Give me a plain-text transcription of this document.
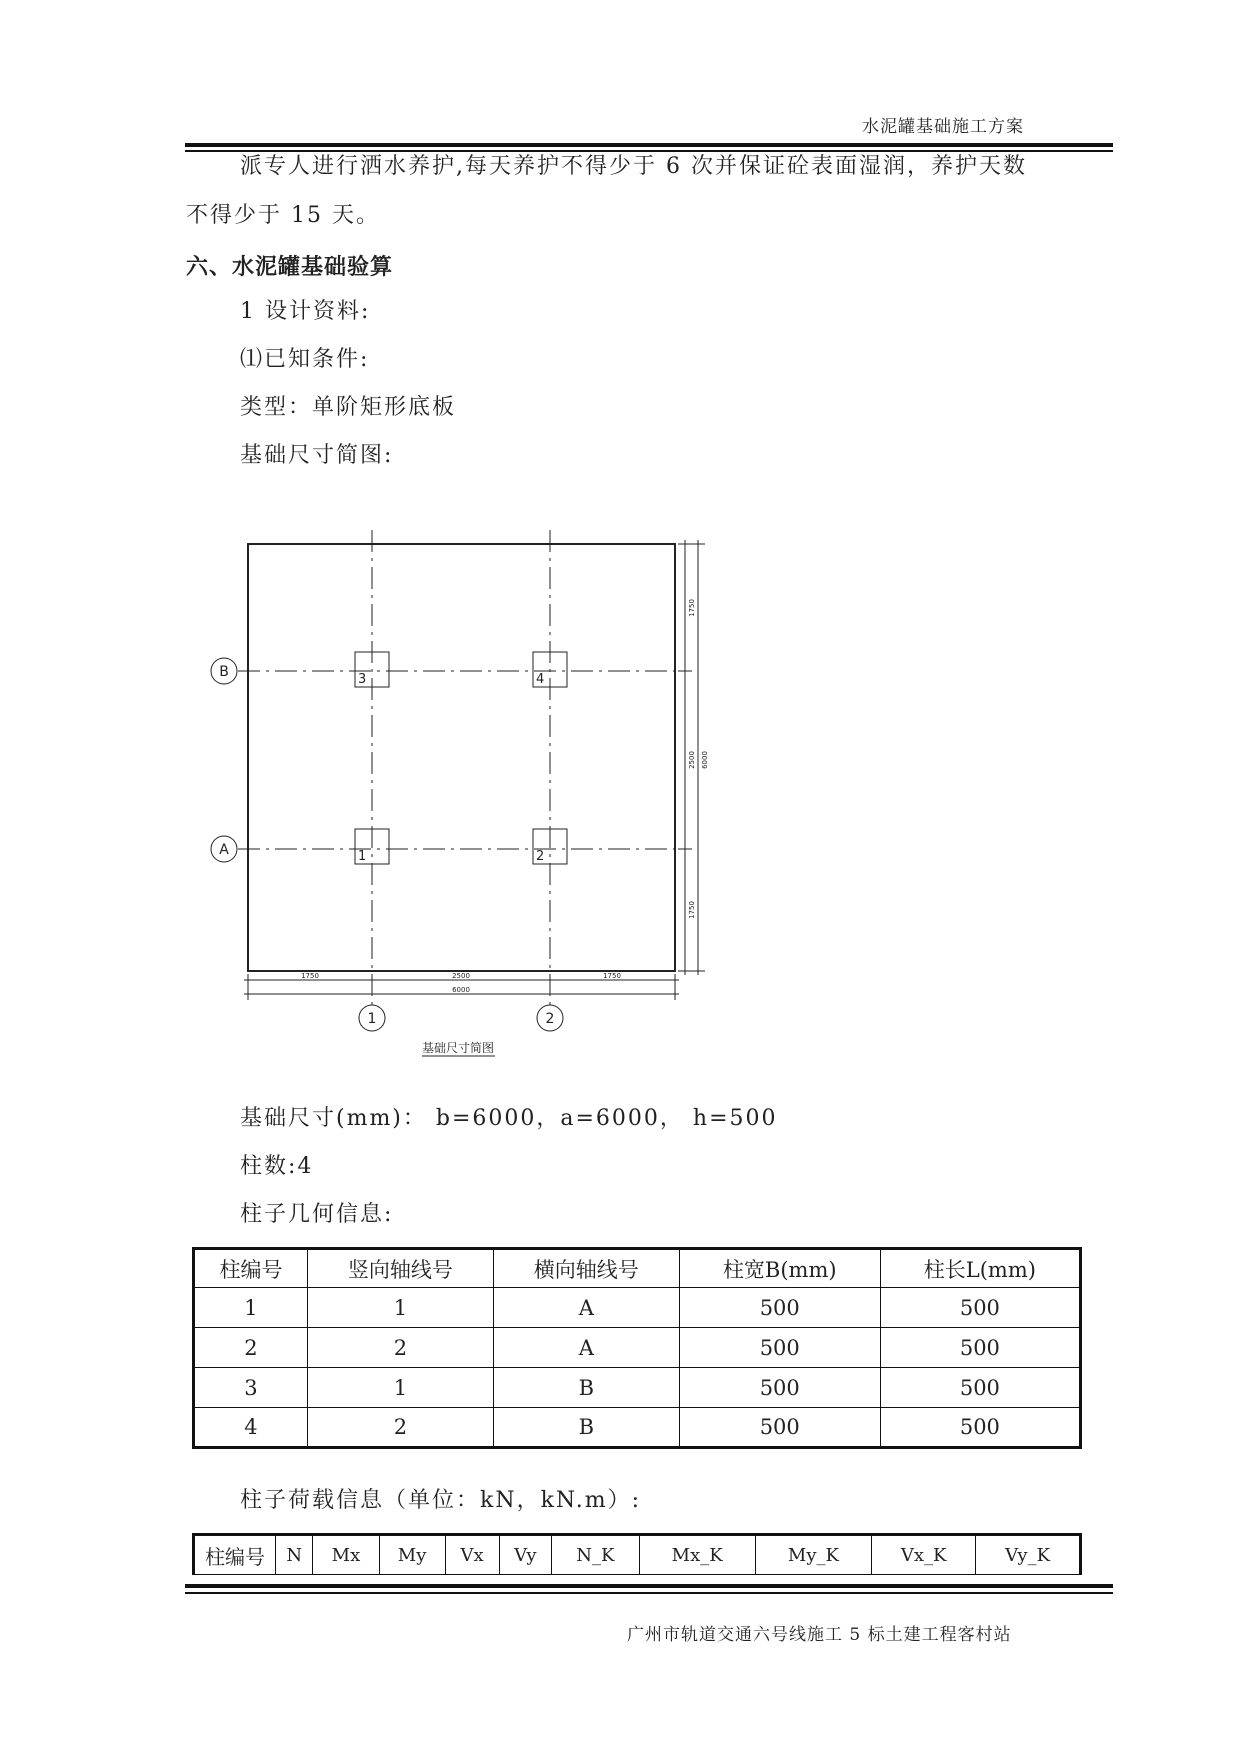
水泥罐基础施工方案
派专人进行洒水养护,每天养护不得少于 6 次并保证砼表面湿润，养护天数
不得少于 15 天。
六、水泥罐基础验算
1 设计资料:
⑴已知条件:
类型：单阶矩形底板
基础尺寸简图:
B
A
1	2
3	4
1	2
1750
2500
1750
6000
1750	2500	1750
6000
基础尺寸简图
基础尺寸(mm)： b=6000，a=6000， h=500
柱数:4
柱子几何信息:
柱编号	竖向轴线号	横向轴线号	柱宽B(mm)	柱长L(mm)
1	1	A	500	500
2	2	A	500	500
3	1	B	500	500
4	2	B	500	500
柱子荷载信息（单位：kN，kN.m）:
柱编号	N	Mx	My	Vx	Vy	N_K	Mx_K	My_K	Vx_K	Vy_K
广州市轨道交通六号线施工 5 标土建工程客村站
